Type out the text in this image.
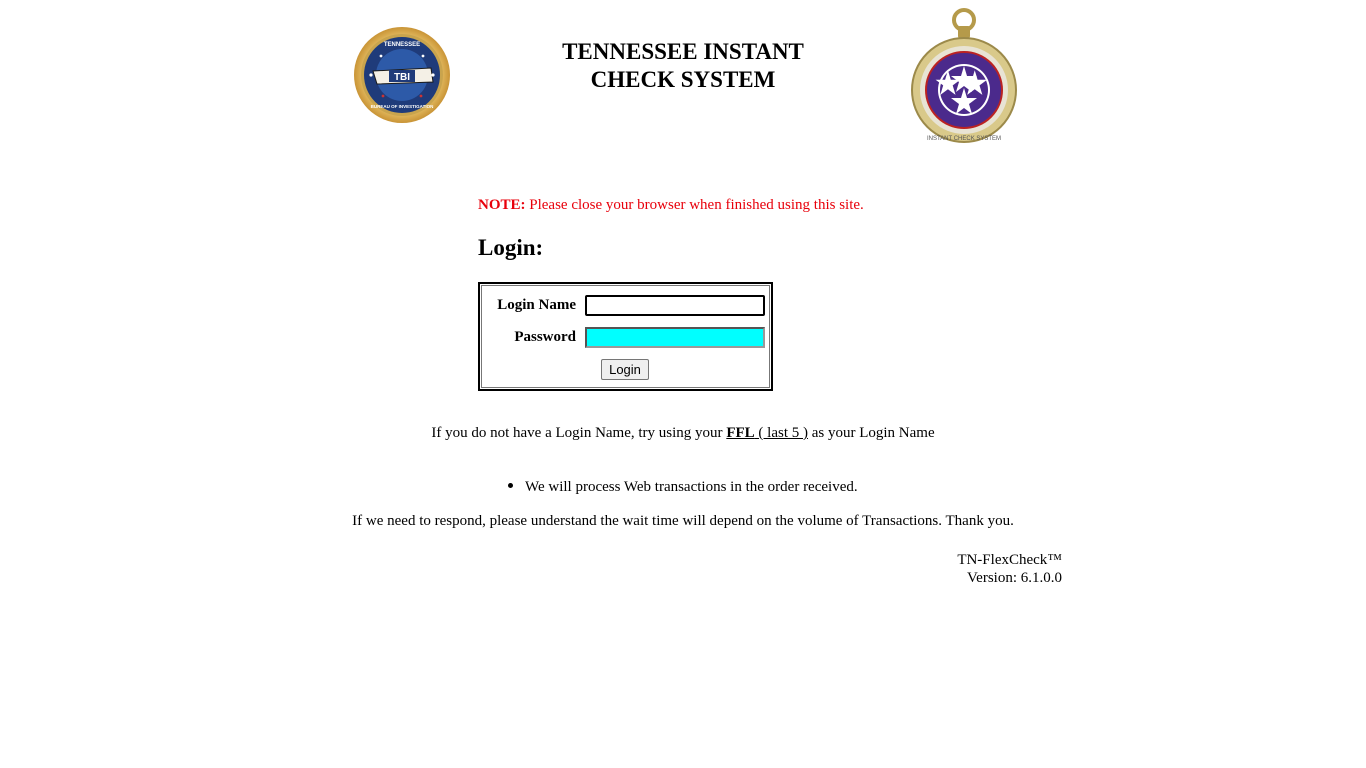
TBI
TENNESSEE
BUREAU OF INVESTIGATION
TENNESSEE INSTANT
CHECK SYSTEM
INSTANT CHECK SYSTEM
NOTE: Please close your browser when finished using this site.
Login:
Login Name
Password
Login
If you do not have a Login Name, try using your FFL ( last 5 ) as your Login Name
We will process Web transactions in the order received.
If we need to respond, please understand the wait time will depend on the volume of Transactions. Thank you.
TN-FlexCheck™
Version: 6.1.0.0
